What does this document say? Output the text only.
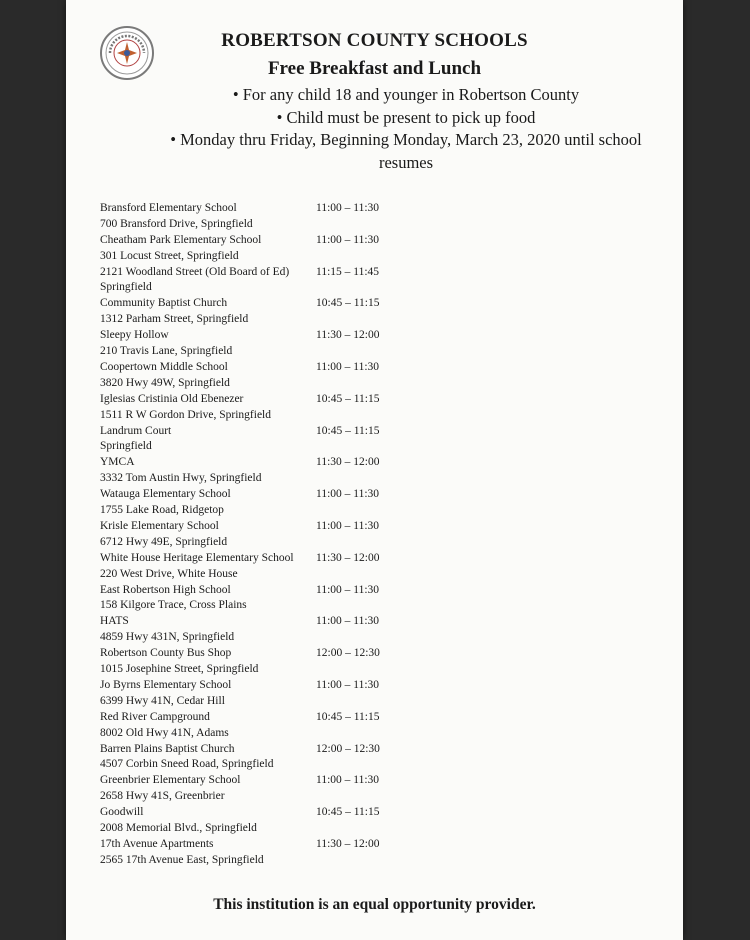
ROBERTSON COUNTY SCHOOLS
Free Breakfast and Lunch
• For any child 18 and younger in Robertson County
• Child must be present to pick up food
• Monday thru Friday, Beginning Monday, March 23, 2020 until school resumes
Bransford Elementary School
700 Bransford Drive, Springfield
11:00 – 11:30
Cheatham Park Elementary School
301 Locust Street, Springfield
11:00 – 11:30
2121 Woodland Street (Old Board of Ed)
Springfield
11:15 – 11:45
Community Baptist Church
1312 Parham Street, Springfield
10:45 – 11:15
Sleepy Hollow
210 Travis Lane, Springfield
11:30 – 12:00
Coopertown Middle School
3820 Hwy 49W, Springfield
11:00 – 11:30
Iglesias Cristinia Old Ebenezer
1511 R W Gordon Drive, Springfield
10:45 – 11:15
Landrum Court
Springfield
10:45 – 11:15
YMCA
3332 Tom Austin Hwy, Springfield
11:30 – 12:00
Watauga Elementary School
1755 Lake Road, Ridgetop
11:00 – 11:30
Krisle Elementary School
6712 Hwy 49E, Springfield
11:00 – 11:30
White House Heritage Elementary School
220 West Drive, White House
11:30 – 12:00
East Robertson High School
158 Kilgore Trace, Cross Plains
11:00 – 11:30
HATS
4859 Hwy 431N, Springfield
11:00 – 11:30
Robertson County Bus Shop
1015 Josephine Street, Springfield
12:00 – 12:30
Jo Byrns Elementary School
6399 Hwy 41N, Cedar Hill
11:00 – 11:30
Red River Campground
8002 Old Hwy 41N, Adams
10:45 – 11:15
Barren Plains Baptist Church
4507 Corbin Sneed Road, Springfield
12:00 – 12:30
Greenbrier Elementary School
2658 Hwy 41S, Greenbrier
11:00 – 11:30
Goodwill
2008 Memorial Blvd., Springfield
10:45 – 11:15
17th Avenue Apartments
2565 17th Avenue East, Springfield
11:30 – 12:00
This institution is an equal opportunity provider.
